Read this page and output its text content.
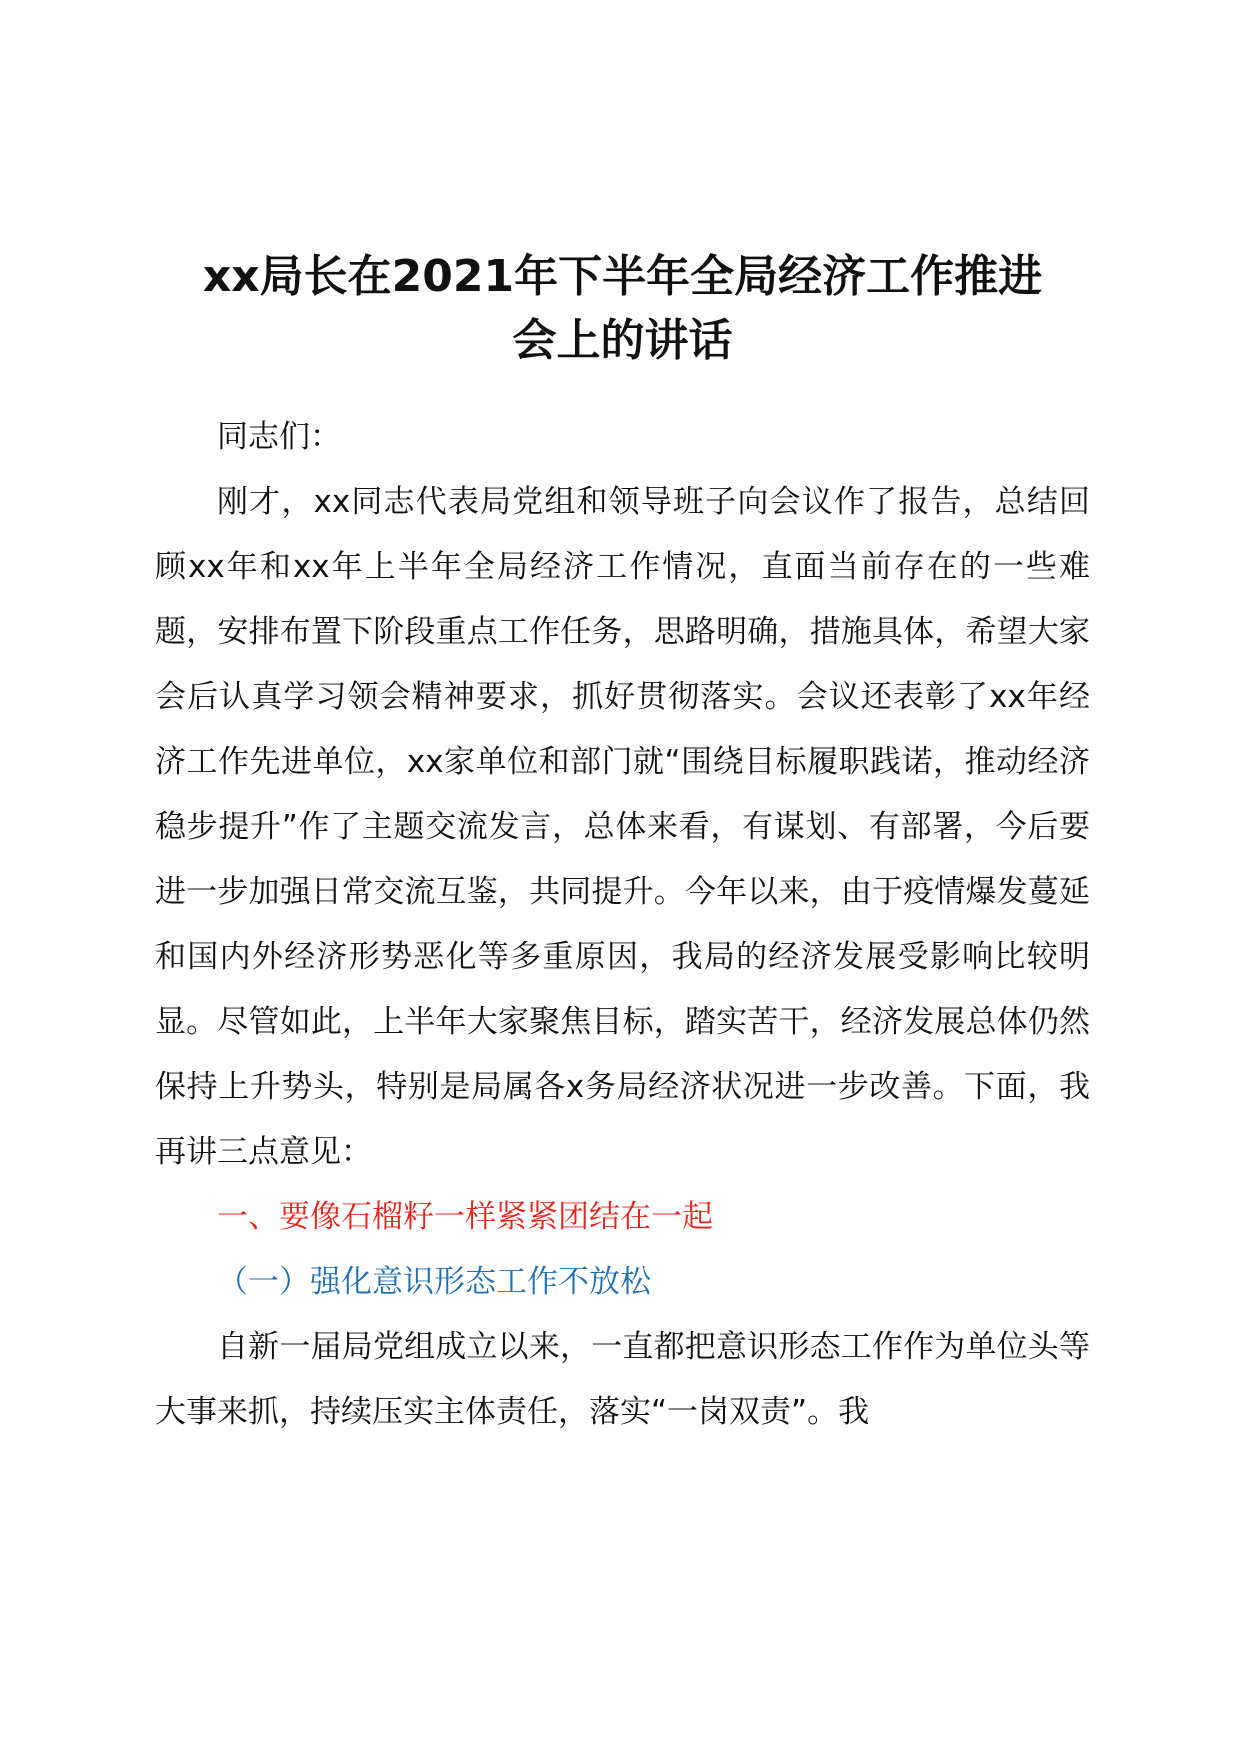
xx局长在2021年下半年全局经济工作推进
会上的讲话

同志们：

刚才，xx同志代表局党组和领导班子向会议作了报告，总结回顾xx年和xx年上半年全局经济工作情况，直面当前存在的一些难题，安排布置下阶段重点工作任务，思路明确，措施具体，希望大家会后认真学习领会精神要求，抓好贯彻落实。会议还表彰了xx年经济工作先进单位，xx家单位和部门就“围绕目标履职践诺，推动经济稳步提升”作了主题交流发言，总体来看，有谋划、有部署，今后要进一步加强日常交流互鉴，共同提升。今年以来，由于疫情爆发蔓延和国内外经济形势恶化等多重原因，我局的经济发展受影响比较明显。尽管如此，上半年大家聚焦目标，踏实苦干，经济发展总体仍然保持上升势头，特别是局属各x务局经济状况进一步改善。下面，我再讲三点意见：

一、要像石榴籽一样紧紧团结在一起

（一）强化意识形态工作不放松

自新一届局党组成立以来，一直都把意识形态工作作为单位头等大事来抓，持续压实主体责任，落实“一岗双责”。我
